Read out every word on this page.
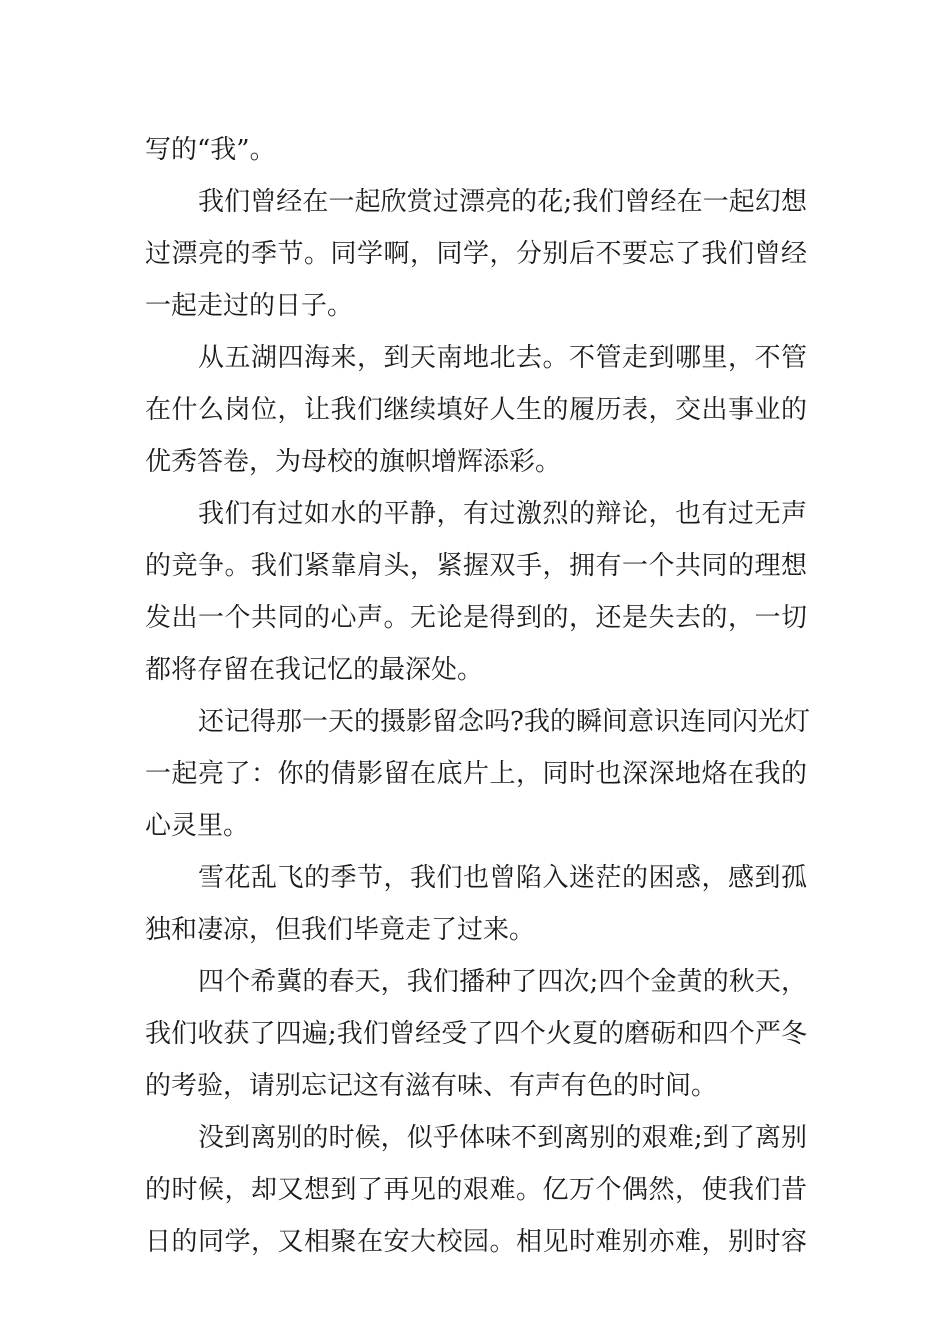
写的“我”。
我们曾经在一起欣赏过漂亮的花;我们曾经在一起幻想
过漂亮的季节。同学啊，同学，分别后不要忘了我们曾经
一起走过的日子。
从五湖四海来，到天南地北去。不管走到哪里，不管
在什么岗位，让我们继续填好人生的履历表，交出事业的
优秀答卷，为母校的旗帜增辉添彩。
我们有过如水的平静，有过激烈的辩论，也有过无声
的竞争。我们紧靠肩头，紧握双手，拥有一个共同的理想
发出一个共同的心声。无论是得到的，还是失去的，一切
都将存留在我记忆的最深处。
还记得那一天的摄影留念吗?我的瞬间意识连同闪光灯
一起亮了：你的倩影留在底片上，同时也深深地烙在我的
心灵里。
雪花乱飞的季节，我们也曾陷入迷茫的困惑，感到孤
独和凄凉，但我们毕竟走了过来。
四个希冀的春天，我们播种了四次;四个金黄的秋天，
我们收获了四遍;我们曾经受了四个火夏的磨砺和四个严冬
的考验，请别忘记这有滋有味、有声有色的时间。
没到离别的时候，似乎体味不到离别的艰难;到了离别
的时候，却又想到了再见的艰难。亿万个偶然，使我们昔
日的同学，又相聚在安大校园。相见时难别亦难，别时容
